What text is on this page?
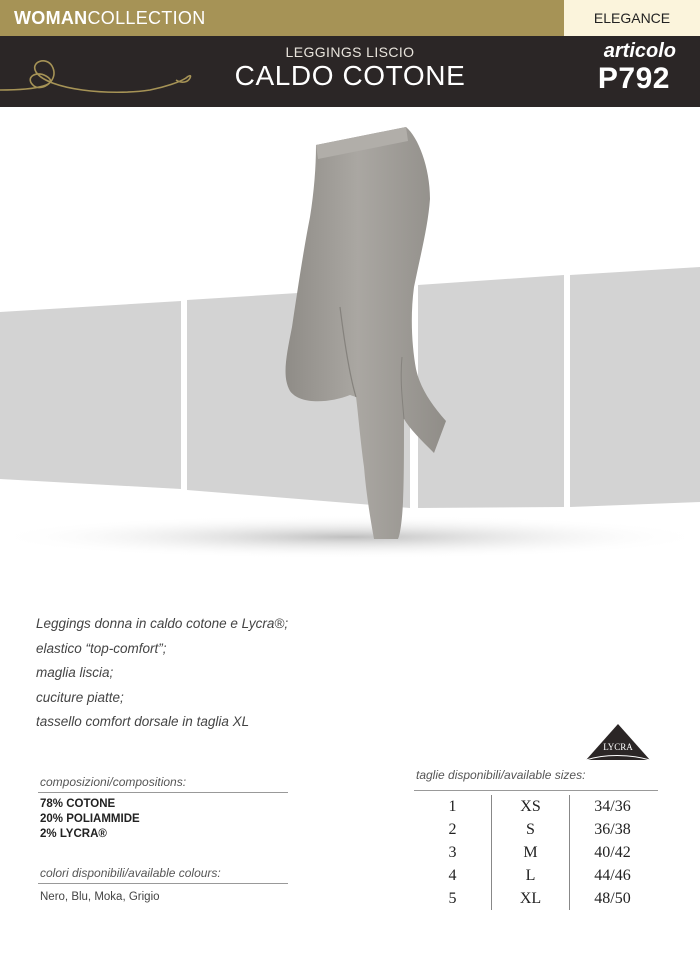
WOMANCOLLECTION	ELEGANCE
LEGGINGS LISCIO
CALDO COTONE
articolo
P792
Leggings donna in caldo cotone e Lycra®;
elastico “top-comfort”;
maglia liscia;
cuciture piatte;
tassello comfort dorsale in taglia XL
LYCRA
composizioni/compositions:
78% COTONE
20% POLIAMMIDE
2% LYCRA®
colori disponibili/available colours:
Nero, Blu, Moka, Grigio
taglie disponibili/available sizes:
1	XS	34/36
2	S	36/38
3	M	40/42
4	L	44/46
5	XL	48/50
